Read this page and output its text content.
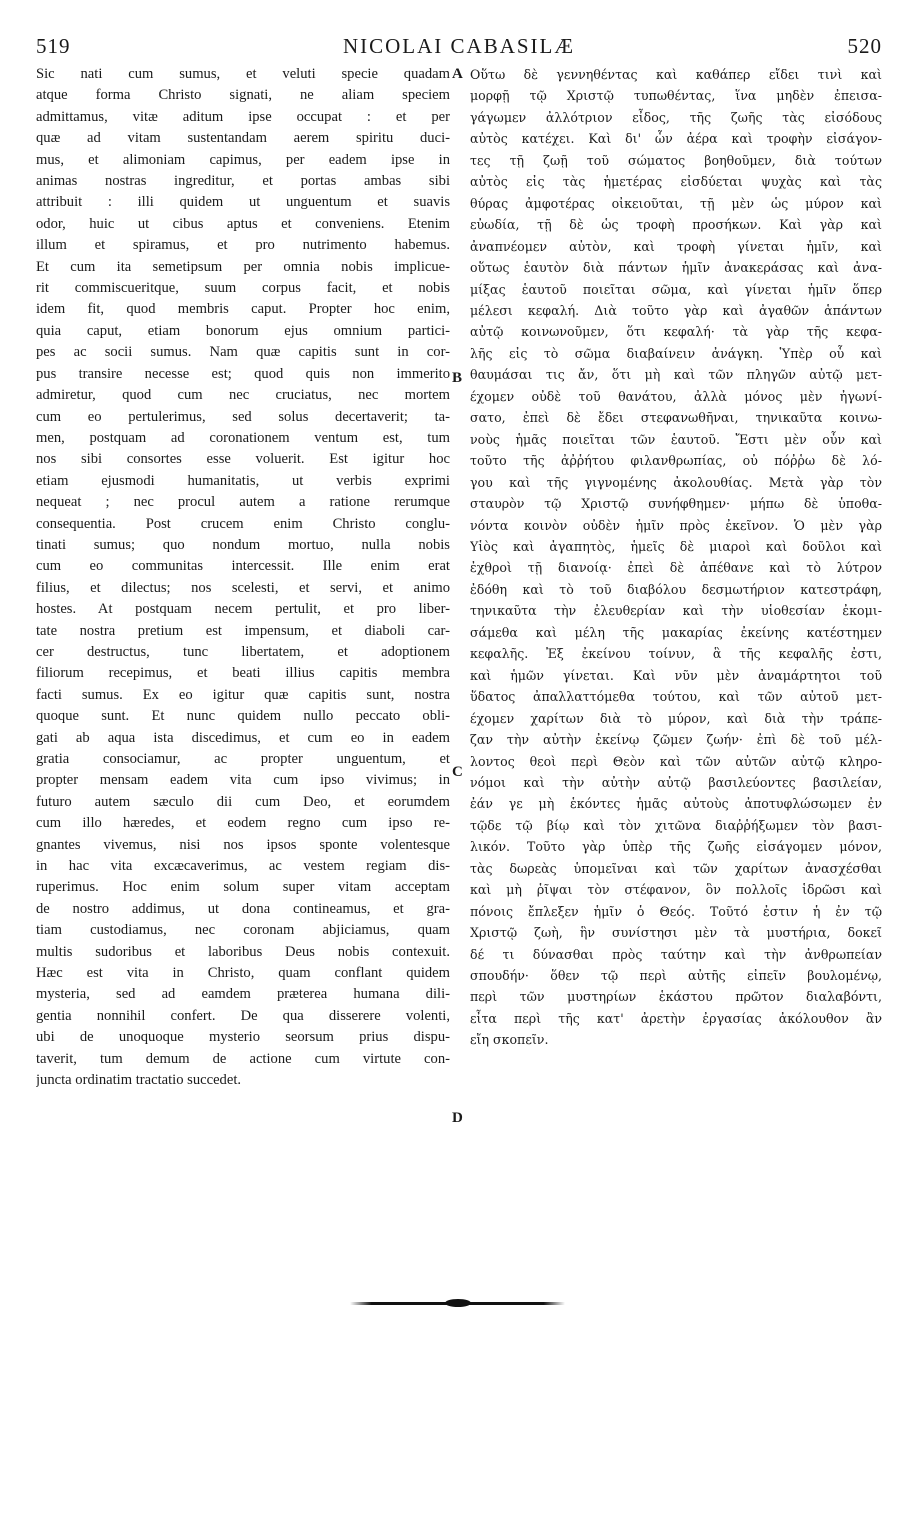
519	NICOLAI CABASILÆ	520
Sic nati cum sumus, et veluti specie quadam
atque forma Christo signati, ne aliam speciem
admittamus, vitæ aditum ipse occupat : et per
quæ ad vitam sustentandam aerem spiritu duci-
mus, et alimoniam capimus, per eadem ipse in
animas nostras ingreditur, et portas ambas sibi
attribuit : illi quidem ut unguentum et suavis
odor, huic ut cibus aptus et conveniens. Etenim
illum et spiramus, et pro nutrimento habemus.
Et cum ita semetipsum per omnia nobis implicue-
rit commiscueritque, suum corpus facit, et nobis
idem fit, quod membris caput. Propter hoc enim,
quia caput, etiam bonorum ejus omnium partici-
pes ac socii sumus. Nam quæ capitis sunt in cor-
pus transire necesse est; quod quis non immerito
admiretur, quod cum nec cruciatus, nec mortem
cum eo pertulerimus, sed solus decertaverit; ta-
men, postquam ad coronationem ventum est, tum
nos sibi consortes esse voluerit. Est igitur hoc
etiam ejusmodi humanitatis, ut verbis exprimi
nequeat ; nec procul autem a ratione rerumque
consequentia. Post crucem enim Christo conglu-
tinati sumus; quo nondum mortuo, nulla nobis
cum eo communitas intercessit. Ille enim erat
filius, et dilectus; nos scelesti, et servi, et animo
hostes. At postquam necem pertulit, et pro liber-
tate nostra pretium est impensum, et diaboli car-
cer destructus, tunc libertatem, et adoptionem
filiorum recepimus, et beati illius capitis membra
facti sumus. Ex eo igitur quæ capitis sunt, nostra
quoque sunt. Et nunc quidem nullo peccato obli-
gati ab aqua ista discedimus, et cum eo in eadem
gratia consociamur, ac propter unguentum, et
propter mensam eadem vita cum ipso vivimus; in
futuro autem sæculo dii cum Deo, et eorumdem
cum illo hæredes, et eodem regno cum ipso re-
gnantes vivemus, nisi nos ipsos sponte volentesque
in hac vita excæcaverimus, ac vestem regiam dis-
ruperimus. Hoc enim solum super vitam acceptam
de nostro addimus, ut dona contineamus, et gra-
tiam custodiamus, nec coronam abjiciamus, quam
multis sudoribus et laboribus Deus nobis contexuit.
Hæc est vita in Christo, quam conflant quidem
mysteria, sed ad eamdem præterea humana dili-
gentia nonnihil confert. De qua disserere volenti,
ubi de unoquoque mysterio seorsum prius dispu-
taverit, tum demum de actione cum virtute con-
juncta ordinatim tractatio succedet.
Οὕτω δὲ γεννηθέντας καὶ καθάπερ εἴδει τινὶ καὶ
μορφῇ τῷ Χριστῷ τυπωθέντας, ἵνα μηδὲν ἐπεισα-
γάγωμεν ἀλλότριον εἶδος, τῆς ζωῆς τὰς εἰσόδους
αὐτὸς κατέχει. Καὶ δι' ὧν ἀέρα καὶ τροφὴν εἰσάγον-
τες τῇ ζωῇ τοῦ σώματος βοηθοῦμεν, διὰ τούτων
αὐτὸς εἰς τὰς ἡμετέρας εἰσδύεται ψυχὰς καὶ τὰς
θύρας ἀμφοτέρας οἰκειοῦται, τῇ μὲν ὡς μύρον καὶ
εὐωδία, τῇ δὲ ὡς τροφὴ προσήκων. Καὶ γὰρ καὶ
ἀναπνέομεν αὐτὸν, καὶ τροφὴ γίνεται ἡμῖν, καὶ
οὕτως ἑαυτὸν διὰ πάντων ἡμῖν ἀνακεράσας καὶ ἀνα-
μίξας ἑαυτοῦ ποιεῖται σῶμα, καὶ γίνεται ἡμῖν ὅπερ
μέλεσι κεφαλή. Διὰ τοῦτο γὰρ καὶ ἀγαθῶν ἁπάντων
αὐτῷ κοινωνοῦμεν, ὅτι κεφαλή· τὰ γὰρ τῆς κεφα-
λῆς εἰς τὸ σῶμα διαβαίνειν ἀνάγκη. Ὑπὲρ οὗ καὶ
θαυμάσαι τις ἄν, ὅτι μὴ καὶ τῶν πληγῶν αὐτῷ μετ-
έχομεν οὐδὲ τοῦ θανάτου, ἀλλὰ μόνος μὲν ἠγωνί-
σατο, ἐπεὶ δὲ ἔδει στεφανωθῆναι, τηνικαῦτα κοινω-
νοὺς ἡμᾶς ποιεῖται τῶν ἑαυτοῦ. Ἔστι μὲν οὖν καὶ
τοῦτο τῆς ἀῤῥήτου φιλανθρωπίας, οὐ πόῤῥω δὲ λό-
γου καὶ τῆς γιγνομένης ἀκολουθίας. Μετὰ γὰρ τὸν
σταυρὸν τῷ Χριστῷ συνήφθημεν· μήπω δὲ ὑποθα-
νόντα κοινὸν οὐδὲν ἡμῖν πρὸς ἐκεῖνον. Ὁ μὲν γὰρ
Υἱὸς καὶ ἀγαπητὸς, ἡμεῖς δὲ μιαροὶ καὶ δοῦλοι καὶ
ἐχθροὶ τῇ διανοίᾳ· ἐπεὶ δὲ ἀπέθανε καὶ τὸ λύτρον
ἐδόθη καὶ τὸ τοῦ διαβόλου δεσμωτήριον κατεστράφη,
τηνικαῦτα τὴν ἐλευθερίαν καὶ τὴν υἱοθεσίαν ἐκομι-
σάμεθα καὶ μέλη τῆς μακαρίας ἐκείνης κατέστημεν
κεφαλῆς. Ἐξ ἐκείνου τοίνυν, ἃ τῆς κεφαλῆς ἐστι,
καὶ ἡμῶν γίνεται. Καὶ νῦν μὲν ἀναμάρτητοι τοῦ
ὕδατος ἀπαλλαττόμεθα τούτου, καὶ τῶν αὐτοῦ μετ-
έχομεν χαρίτων διὰ τὸ μύρον, καὶ διὰ τὴν τράπε-
ζαν τὴν αὐτὴν ἐκείνῳ ζῶμεν ζωήν· ἐπὶ δὲ τοῦ μέλ-
λοντος θεοὶ περὶ Θεὸν καὶ τῶν αὐτῶν αὐτῷ κληρο-
νόμοι καὶ τὴν αὐτὴν αὐτῷ βασιλεύοντες βασιλείαν,
ἐάν γε μὴ ἑκόντες ἡμᾶς αὐτοὺς ἀποτυφλώσωμεν ἐν
τῷδε τῷ βίῳ καὶ τὸν χιτῶνα διαῤῥήξωμεν τὸν βασι-
λικόν. Τοῦτο γὰρ ὑπὲρ τῆς ζωῆς εἰσάγομεν μόνον,
τὰς δωρεὰς ὑπομεῖναι καὶ τῶν χαρίτων ἀνασχέσθαι
καὶ μὴ ῥῖψαι τὸν στέφανον, ὃν πολλοῖς ἱδρῶσι καὶ
πόνοις ἔπλεξεν ἡμῖν ὁ Θεός. Τοῦτό ἐστιν ἡ ἐν τῷ
Χριστῷ ζωὴ, ἣν συνίστησι μὲν τὰ μυστήρια, δοκεῖ
δέ τι δύνασθαι πρὸς ταύτην καὶ τὴν ἀνθρωπείαν
σπουδήν· ὅθεν τῷ περὶ αὐτῆς εἰπεῖν βουλομένῳ,
περὶ τῶν μυστηρίων ἑκάστου πρῶτον διαλαβόντι,
εἶτα περὶ τῆς κατ' ἀρετὴν ἐργασίας ἀκόλουθον ἂν
εἴη σκοπεῖν.
A
B
C
D
